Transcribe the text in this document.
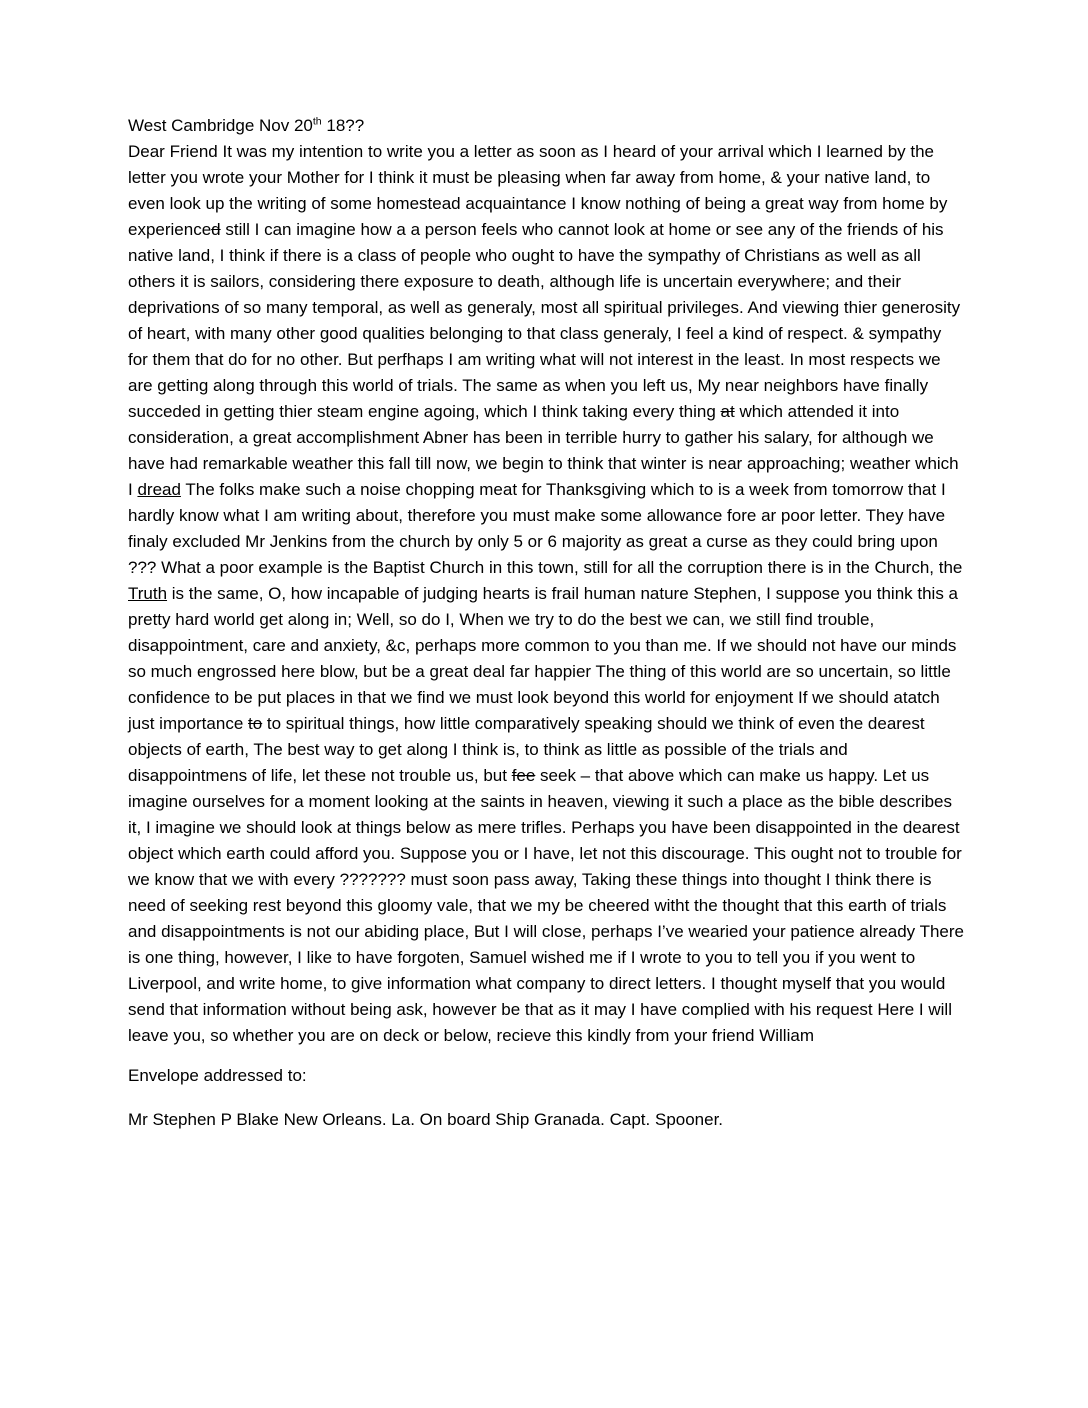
West Cambridge Nov 20th 18??

Dear Friend It was my intention to write you a letter as soon as I heard of your arrival which I learned by the letter you wrote your Mother for I think it must be pleasing when far away from home, & your native land, to even look up the writing of some homestead acquaintance I know nothing of being a great way from home by experienced still I can imagine how a a person feels who cannot look at home or see any of the friends of his native land, I think if there is a class of people who ought to have the sympathy of Christians as well as all others it is sailors, considering there exposure to death, although life is uncertain everywhere; and their deprivations of so many temporal, as well as generaly, most all spiritual privileges. And viewing thier generosity of heart, with many other good qualities belonging to that class generaly, I feel a kind of respect. & sympathy for them that do for no other. But perfhaps I am writing what will not interest in the least. In most respects we are getting along through this world of trials. The same as when you left us, My near neighbors have finally succeded in getting thier steam engine agoing, which I think taking every thing at which attended it into consideration, a great accomplishment Abner has been in terrible hurry to gather his salary, for although we have had remarkable weather this fall till now, we begin to think that winter is near approaching; weather which I dread The folks make such a noise chopping meat for Thanksgiving which to is a week from tomorrow that I hardly know what I am writing about, therefore you must make some allowance fore ar poor letter. They have finaly excluded Mr Jenkins from the church by only 5 or 6 majority as great a curse as they could bring upon ??? What a poor example is the Baptist Church in this town, still for all the corruption there is in the Church, the Truth is the same, O, how incapable of judging hearts is frail human nature Stephen, I suppose you think this a pretty hard world get along in; Well, so do I, When we try to do the best we can, we still find trouble, disappointment, care and anxiety, &c, perhaps more common to you than me. If we should not have our minds so much engrossed here blow, but be a great deal far happier The thing of this world are so uncertain, so little confidence to be put places in that we find we must look beyond this world for enjoyment If we should atatch just importance to to spiritual things, how little comparatively speaking should we think of even the dearest objects of earth, The best way to get along I think is, to think as little as possible of the trials and disappointmens of life, let these not trouble us, but fee seek – that above which can make us happy. Let us imagine ourselves for a moment looking at the saints in heaven, viewing it such a place as the bible describes it, I imagine we should look at things below as mere trifles. Perhaps you have been disappointed in the dearest object which earth could afford you. Suppose you or I have, let not this discourage. This ought not to trouble for we know that we with every ??????? must soon pass away, Taking these things into thought I think there is need of seeking rest beyond this gloomy vale, that we my be cheered witht the thought that this earth of trials and disappointments is not our abiding place, But I will close, perhaps I’ve wearied your patience already There is one thing, however, I like to have forgoten, Samuel wished me if I wrote to you to tell you if you went to Liverpool, and write home, to give information what company to direct letters. I thought myself that you would send that information without being ask, however be that as it may I have complied with his request Here I will leave you, so whether you are on deck or below, recieve this kindly from your friend William

Envelope addressed to:

Mr Stephen P Blake New Orleans. La. On board Ship Granada. Capt. Spooner.
